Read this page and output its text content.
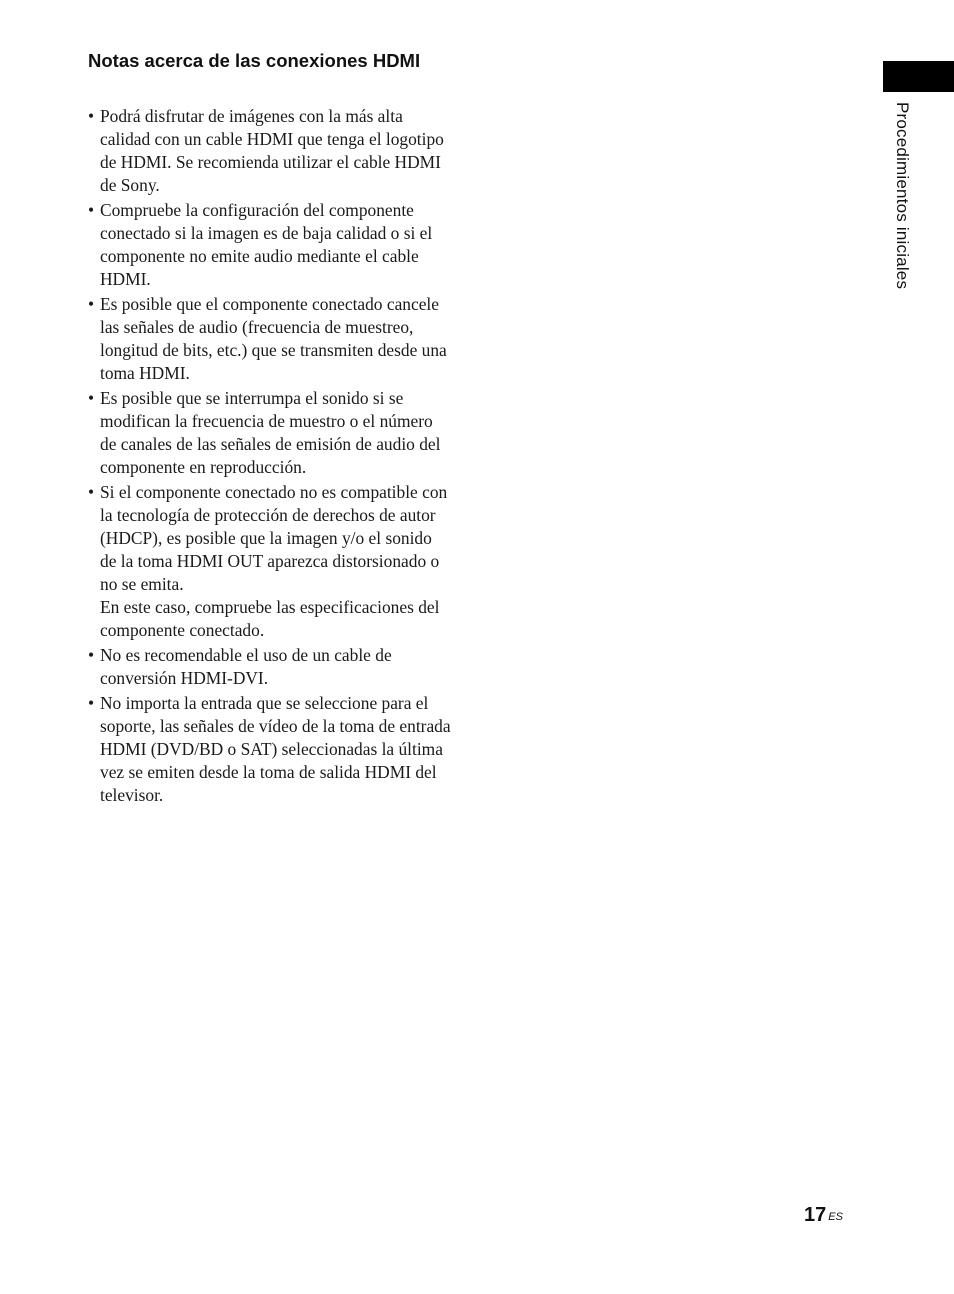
Notas acerca de las conexiones HDMI
• Podrá disfrutar de imágenes con la más alta calidad con un cable HDMI que tenga el logotipo de HDMI. Se recomienda utilizar el cable HDMI de Sony.
• Compruebe la configuración del componente conectado si la imagen es de baja calidad o si el componente no emite audio mediante el cable HDMI.
• Es posible que el componente conectado cancele las señales de audio (frecuencia de muestreo, longitud de bits, etc.) que se transmiten desde una toma HDMI.
• Es posible que se interrumpa el sonido si se modifican la frecuencia de muestro o el número de canales de las señales de emisión de audio del componente en reproducción.
• Si el componente conectado no es compatible con la tecnología de protección de derechos de autor (HDCP), es posible que la imagen y/o el sonido de la toma HDMI OUT aparezca distorsionado o no se emita.
En este caso, compruebe las especificaciones del componente conectado.
• No es recomendable el uso de un cable de conversión HDMI-DVI.
• No importa la entrada que se seleccione para el soporte, las señales de vídeo de la toma de entrada HDMI (DVD/BD o SAT) seleccionadas la última vez se emiten desde la toma de salida HDMI del televisor.
Procedimientos iniciales
17 ES
